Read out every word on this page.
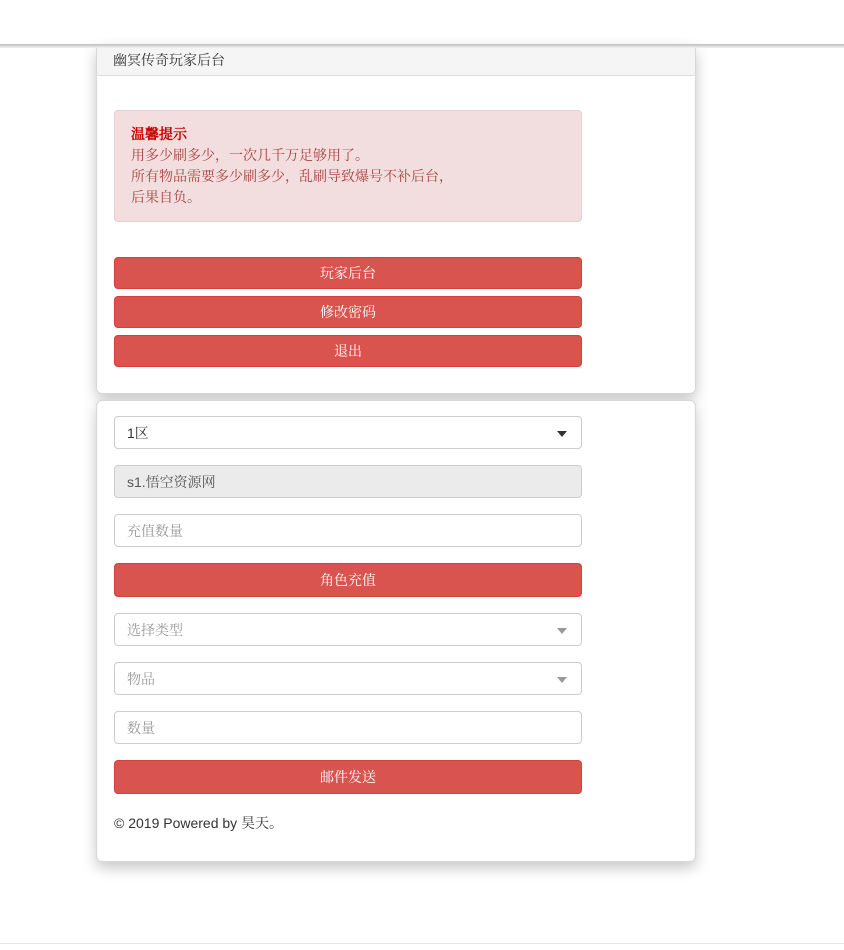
幽冥传奇玩家后台
温馨提示
用多少刷多少，一次几千万足够用了。
所有物品需要多少刷多少，乱刷导致爆号不补后台，
后果自负。
玩家后台
修改密码
退出
1区
s1.悟空资源网
充值数量
角色充值
选择类型
物品
数量
邮件发送

© 2019 Powered by 昊天。
